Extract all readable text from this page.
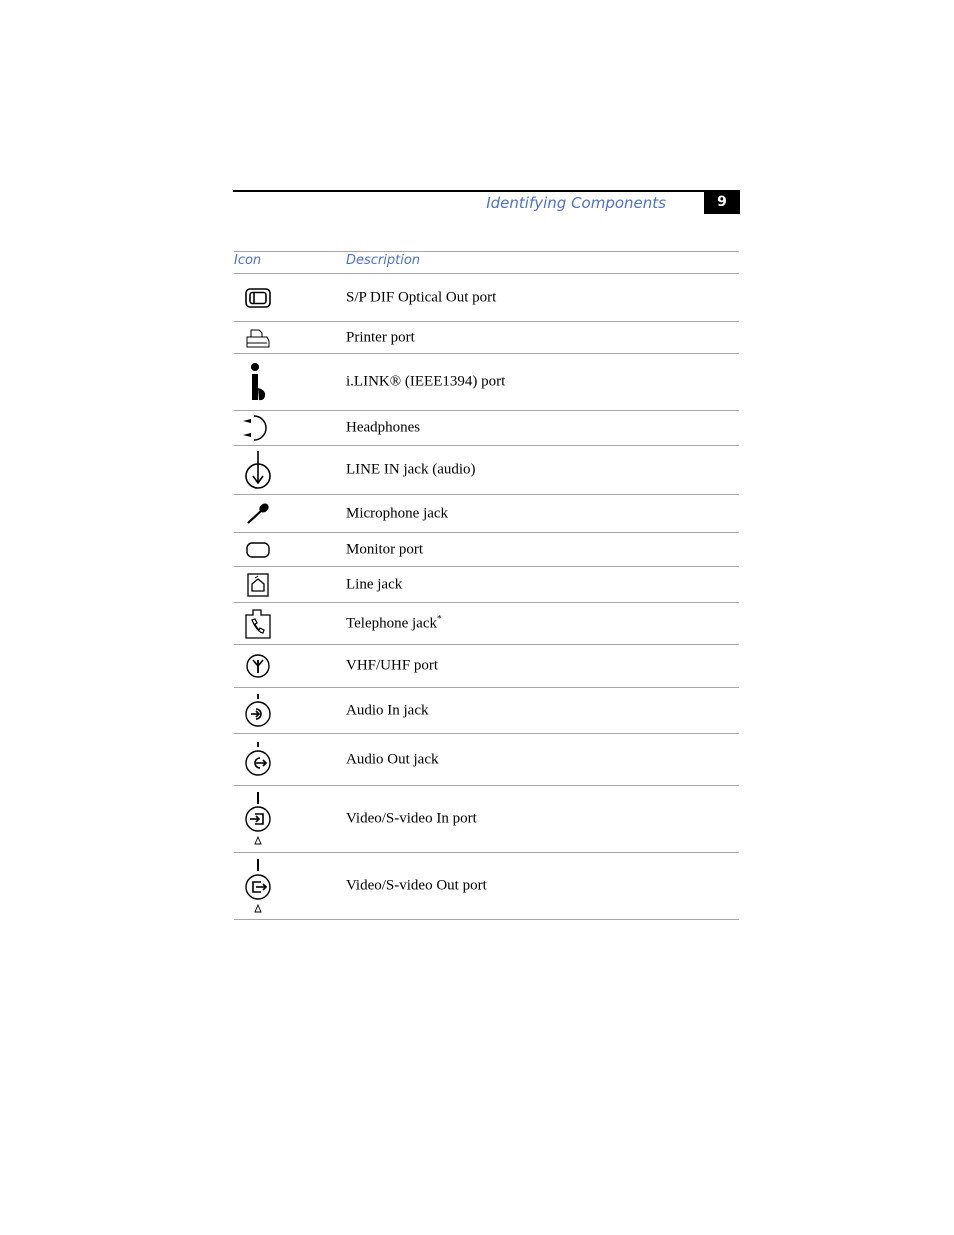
Identifying Components	9
Icon	Description
S/P DIF Optical Out port
Printer port
i.LINK® (IEEE1394) port
Headphones
LINE IN jack (audio)
Microphone jack
Monitor port
Line jack
Telephone jack*
VHF/UHF port
Audio In jack
Audio Out jack
Video/S-video In port
Video/S-video Out port
